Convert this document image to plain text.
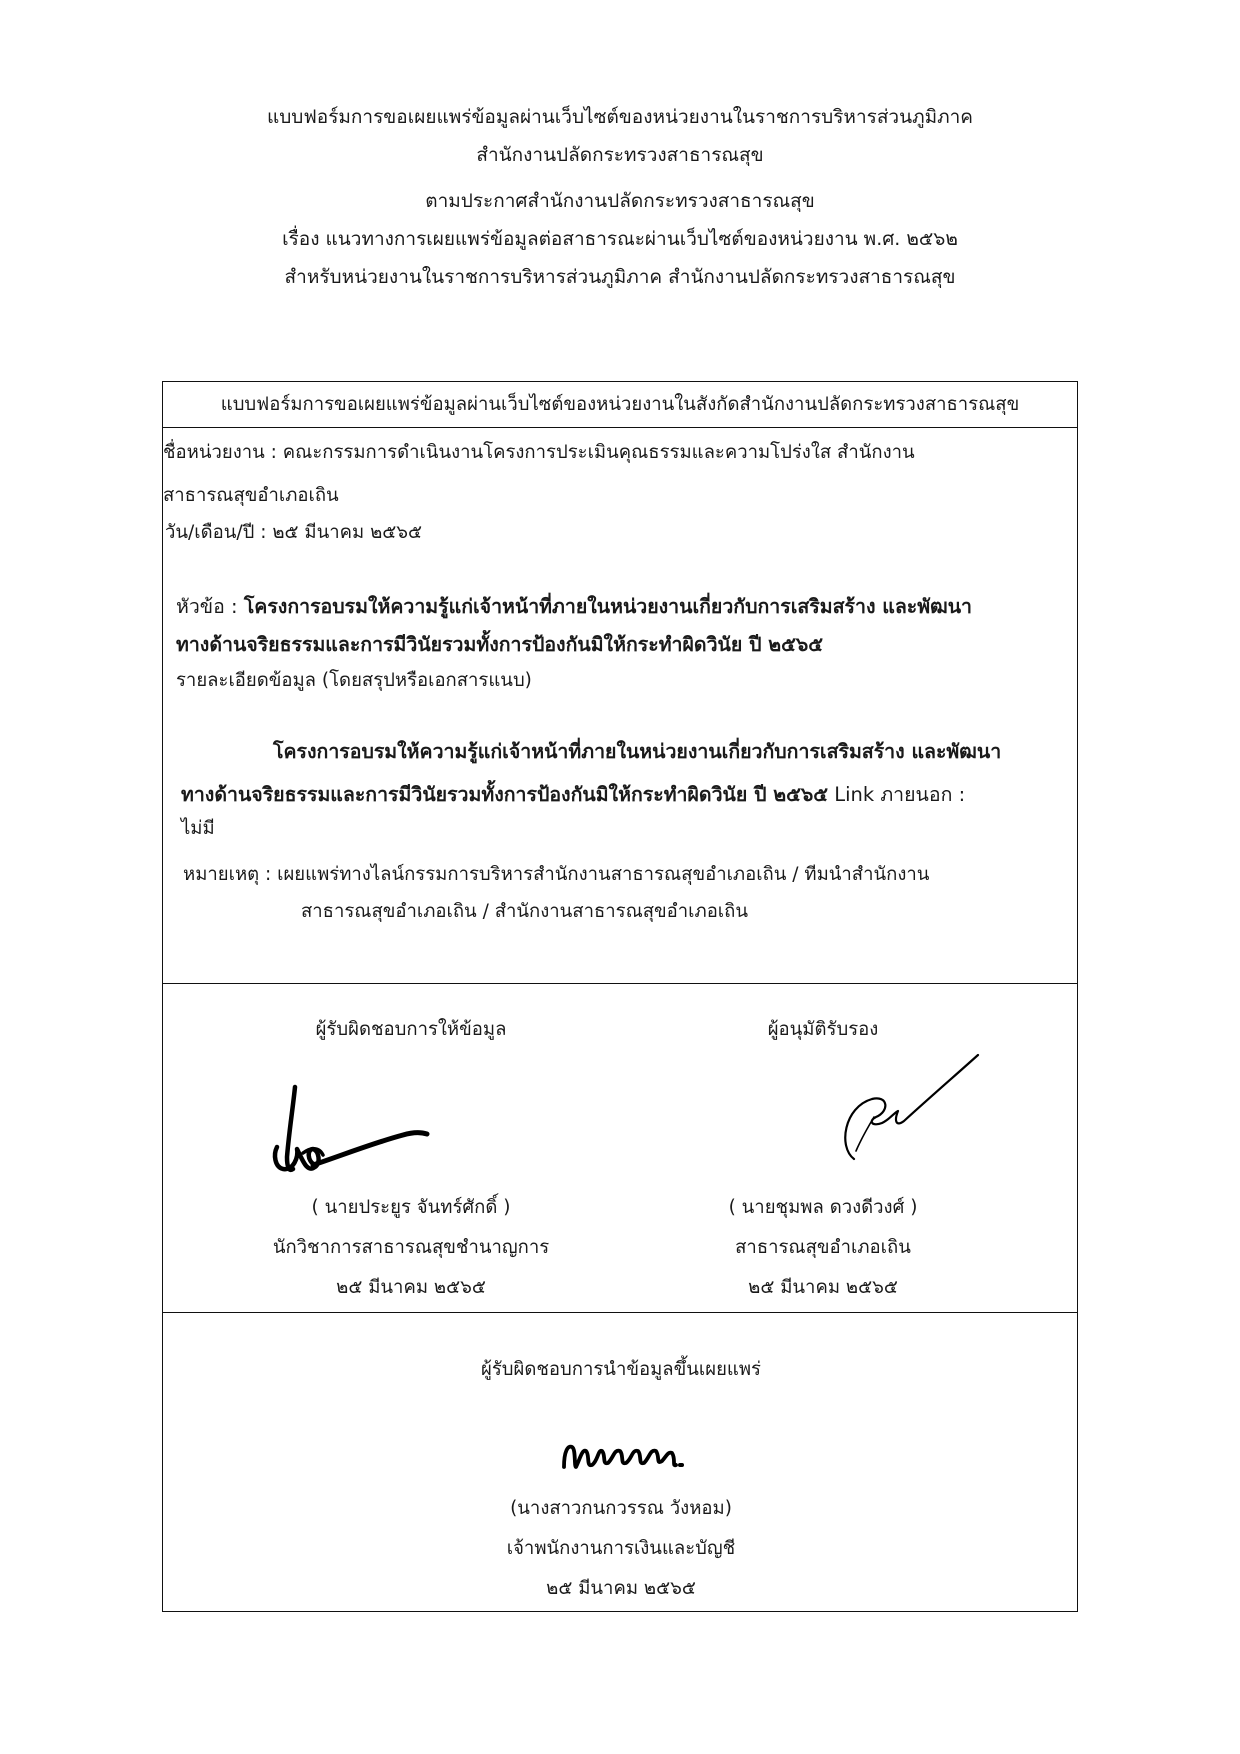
แบบฟอร์มการขอเผยแพร่ข้อมูลผ่านเว็บไซต์ของหน่วยงานในราชการบริหารส่วนภูมิภาค
สำนักงานปลัดกระทรวงสาธารณสุข
ตามประกาศสำนักงานปลัดกระทรวงสาธารณสุข
เรื่อง แนวทางการเผยแพร่ข้อมูลต่อสาธารณะผ่านเว็บไซต์ของหน่วยงาน พ.ศ. ๒๕๖๒
สำหรับหน่วยงานในราชการบริหารส่วนภูมิภาค สำนักงานปลัดกระทรวงสาธารณสุข
แบบฟอร์มการขอเผยแพร่ข้อมูลผ่านเว็บไซต์ของหน่วยงานในสังกัดสำนักงานปลัดกระทรวงสาธารณสุข
ชื่อหน่วยงาน : คณะกรรมการดำเนินงานโครงการประเมินคุณธรรมและความโปร่งใส สำนักงาน
สาธารณสุขอำเภอเถิน
วัน/เดือน/ปี : ๒๕ มีนาคม ๒๕๖๕
หัวข้อ : โครงการอบรมให้ความรู้แก่เจ้าหน้าที่ภายในหน่วยงานเกี่ยวกับการเสริมสร้าง และพัฒนา
ทางด้านจริยธรรมและการมีวินัยรวมทั้งการป้องกันมิให้กระทำผิดวินัย ปี ๒๕๖๕
รายละเอียดข้อมูล (โดยสรุปหรือเอกสารแนบ)
โครงการอบรมให้ความรู้แก่เจ้าหน้าที่ภายในหน่วยงานเกี่ยวกับการเสริมสร้าง และพัฒนา
ทางด้านจริยธรรมและการมีวินัยรวมทั้งการป้องกันมิให้กระทำผิดวินัย ปี ๒๕๖๕ Link ภายนอก :
ไม่มี
หมายเหตุ : เผยแพร่ทางไลน์กรรมการบริหารสำนักงานสาธารณสุขอำเภอเถิน / ทีมนำสำนักงาน
สาธารณสุขอำเภอเถิน / สำนักงานสาธารณสุขอำเภอเถิน
ผู้รับผิดชอบการให้ข้อมูล
( นายประยูร จันทร์ศักดิ์ )
นักวิชาการสาธารณสุขชำนาญการ
๒๕ มีนาคม ๒๕๖๕
ผู้อนุมัติรับรอง
( นายชุมพล ดวงดีวงศ์ )
สาธารณสุขอำเภอเถิน
๒๕ มีนาคม ๒๕๖๕
ผู้รับผิดชอบการนำข้อมูลขึ้นเผยแพร่
(นางสาวกนกวรรณ วังหอม)
เจ้าพนักงานการเงินและบัญชี
๒๕ มีนาคม ๒๕๖๕
